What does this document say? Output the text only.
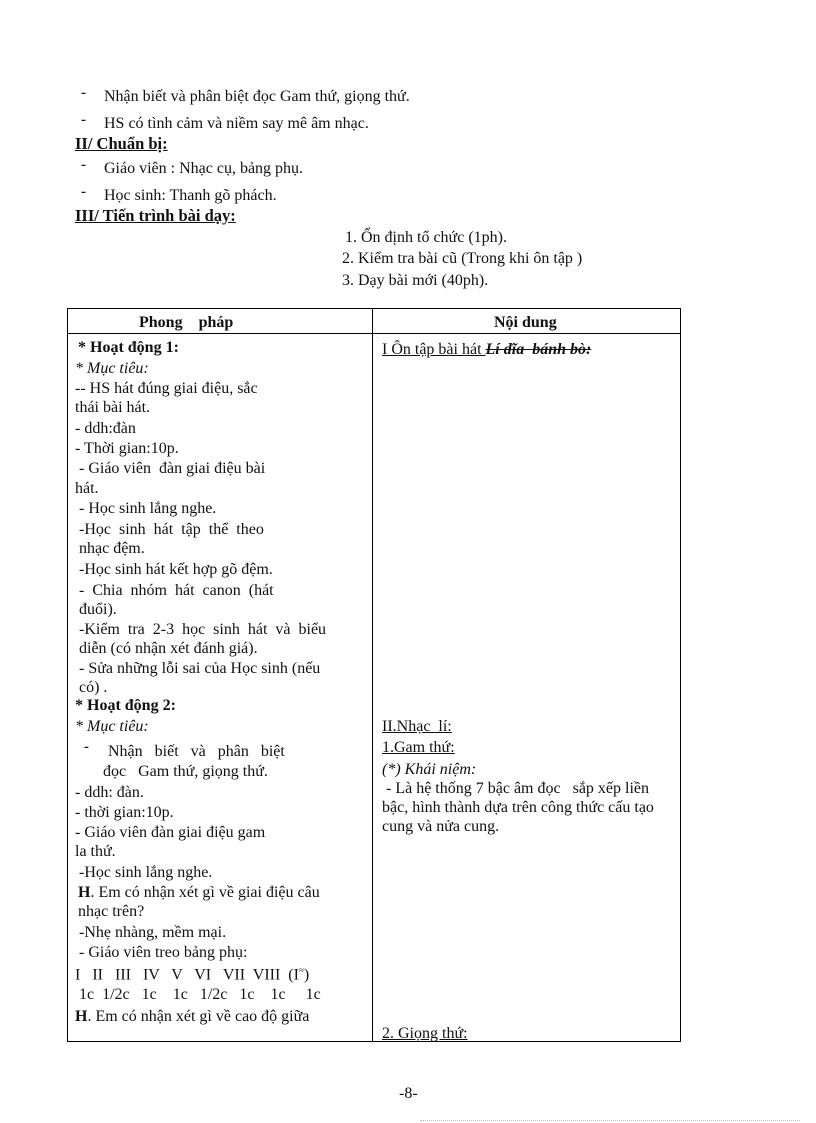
- Nhận biết và phân biệt đọc Gam thứ, giọng thứ.
- HS có tình cảm và niềm say mê âm nhạc.
II/ Chuẩn bị:
- Giáo viên : Nhạc cụ, bảng phụ.
- Học sinh: Thanh gõ phách.
III/ Tiến trình bài dạy:
1. Ổn định tổ chức (1ph).
2. Kiểm tra bài cũ (Trong khi ôn tập )
3. Dạy bài mới (40ph).
Phong    pháp	Nội dung
* Hoạt động 1:
* Mục tiêu:
-- HS hát đúng giai điệu, sắc
thái bài hát.
- ddh:đàn
- Thời gian:10p.
- Giáo viên  đàn giai điệu bài
hát.
- Học sinh lắng nghe.
-Học  sinh  hát  tập  thể  theo
nhạc đệm.
-Học sinh hát kết hợp gõ đệm.
-  Chia  nhóm  hát  canon  (hát
đuổi).
-Kiểm  tra  2-3  học  sinh  hát  và  biểu
diễn (có nhận xét đánh giá).
- Sửa những lỗi sai của Học sinh (nếu
có) .
* Hoạt động 2:
* Mục tiêu:
- Nhận   biết   và   phân   biệt
đọc   Gam thứ, giọng thứ.
- ddh: đàn.
- thời gian:10p.
- Giáo viên đàn giai điệu gam
la thứ.
-Học sinh lắng nghe.
H. Em có nhận xét gì về giai điệu câu
nhạc trên?
-Nhẹ nhàng, mềm mại.
- Giáo viên treo bảng phụ:
I   II   III   IV   V   VI   VII  VIII  (I≈)
1c  1/2c   1c    1c   1/2c   1c    1c     1c
H. Em có nhận xét gì về cao độ giữa
I Ôn tập bài hát Lí dĩa  bánh bò:
II.Nhạc  lí:
1.Gam thứ:
(*) Khái niệm:
- Là hệ thống 7 bậc âm đọc   sắp xếp liền bậc, hình thành dựa trên công thức cấu tạo cung và nửa cung.
2. Giọng thứ:
-8-
